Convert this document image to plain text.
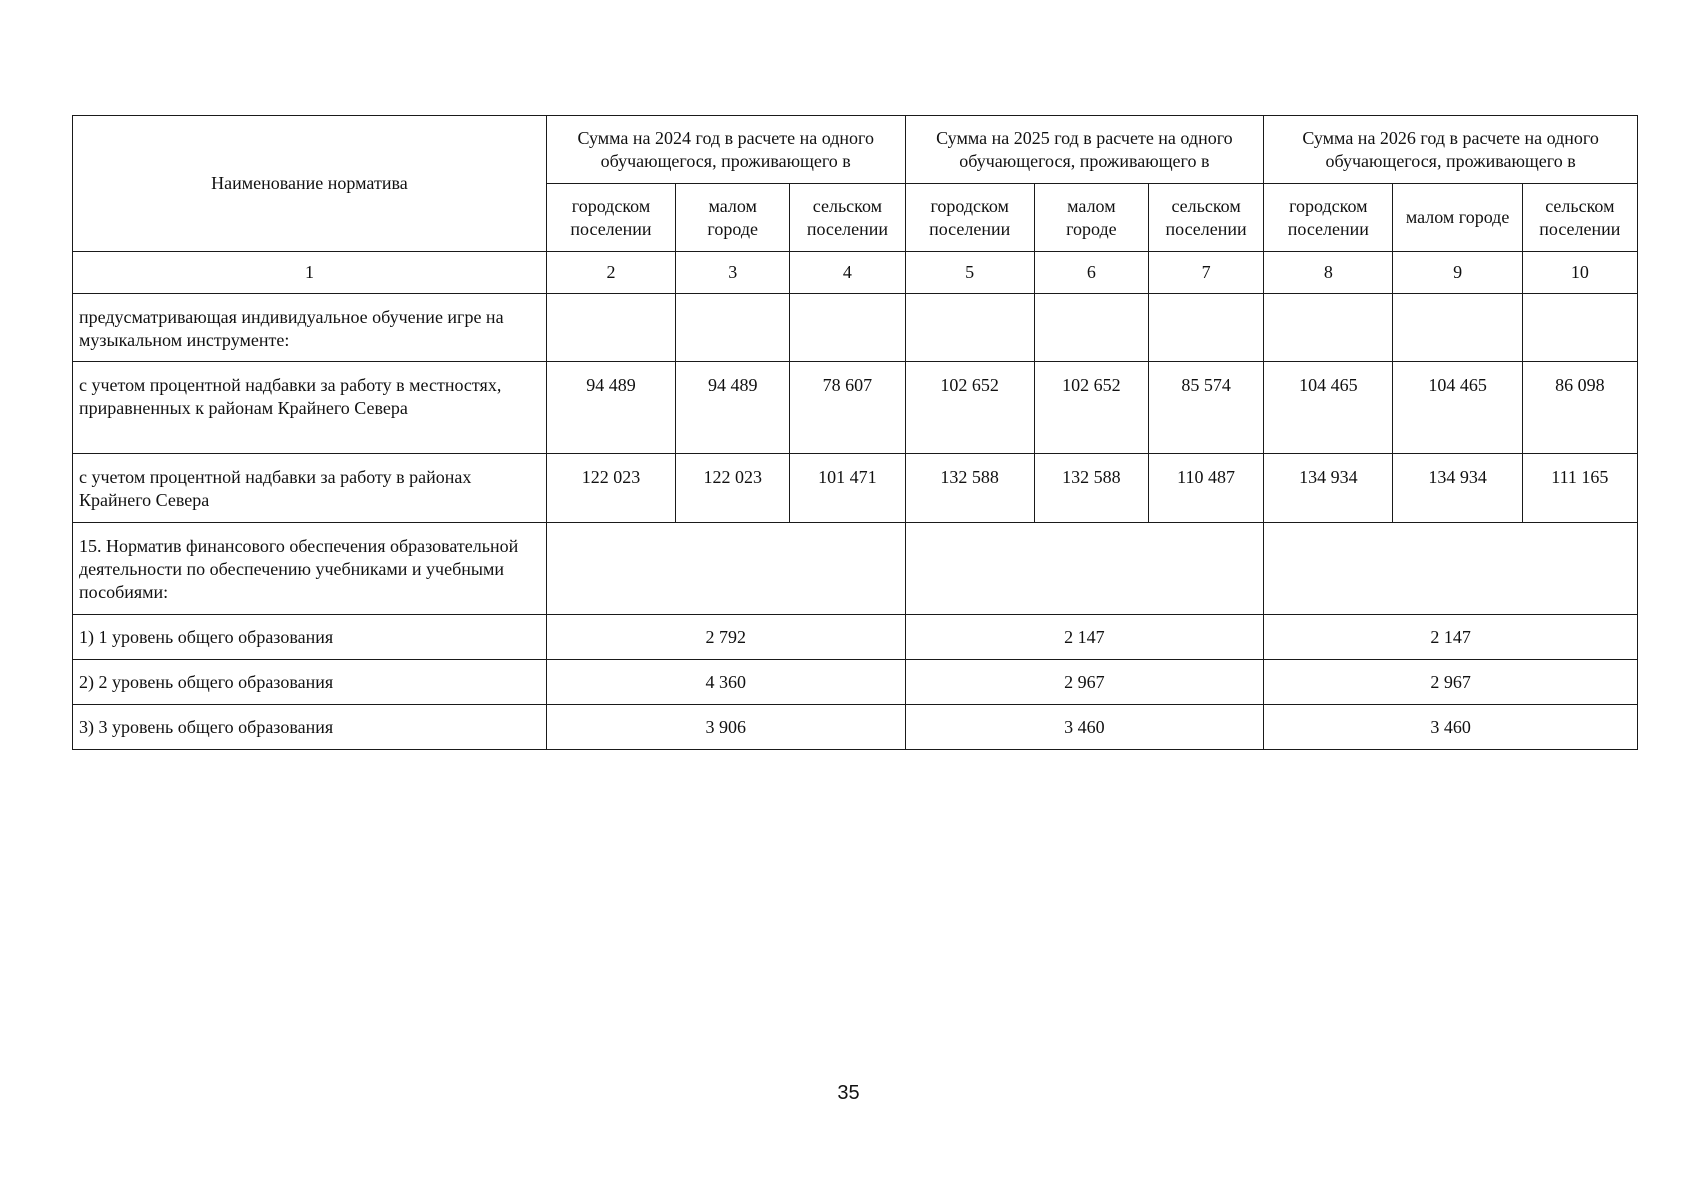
Наименование норматива	Сумма на 2024 год в расчете на одного обучающегося, проживающего в			Сумма на 2025 год в расчете на одного обучающегося, проживающего в			Сумма на 2026 год в расчете на одного обучающегося, проживающего в		
	городском поселении	малом городе	сельском поселении	городском поселении	малом городе	сельском поселении	городском поселении	малом городе	сельском поселении
1	2	3	4	5	6	7	8	9	10
предусматривающая индивидуальное обучение игре на музыкальном инструменте:									
с учетом процентной надбавки за работу в местностях, приравненных к районам Крайнего Севера	94 489	94 489	78 607	102 652	102 652	85 574	104 465	104 465	86 098
с учетом процентной надбавки за работу в районах Крайнего Севера	122 023	122 023	101 471	132 588	132 588	110 487	134 934	134 934	111 165
15. Норматив финансового обеспечения образовательной деятельности по обеспечению учебниками и учебными пособиями:									
1) 1 уровень общего образования	2 792			2 147			2 147		
2) 2 уровень общего образования	4 360			2 967			2 967		
3) 3 уровень общего образования	3 906			3 460			3 460		
35
